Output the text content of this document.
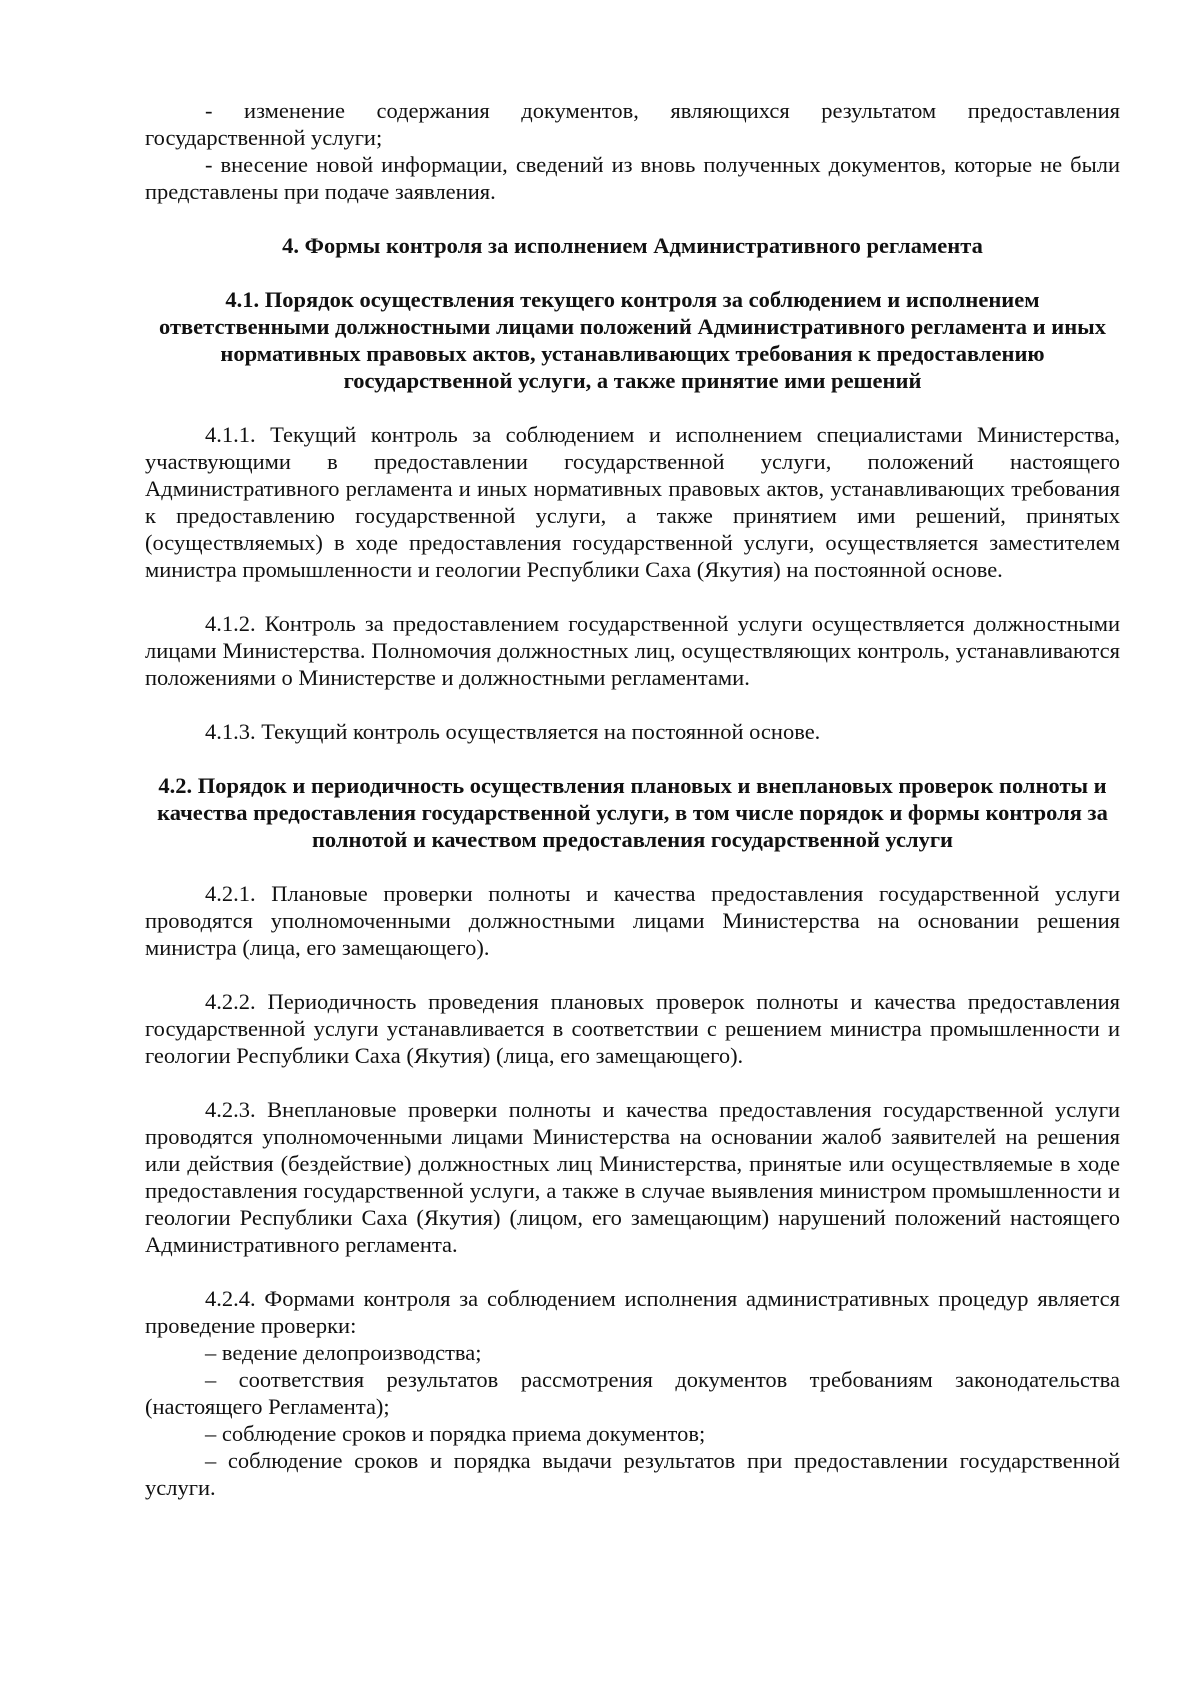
- изменение содержания документов, являющихся результатом предоставления государственной услуги;

- внесение новой информации, сведений из вновь полученных документов, которые не были представлены при подаче заявления.

4. Формы контроля за исполнением Административного регламента

4.1. Порядок осуществления текущего контроля за соблюдением и исполнением ответственными должностными лицами положений Административного регламента и иных нормативных правовых актов, устанавливающих требования к предоставлению государственной услуги, а также принятие ими решений

4.1.1. Текущий контроль за соблюдением и исполнением специалистами Министерства, участвующими в предоставлении государственной услуги, положений настоящего Административного регламента и иных нормативных правовых актов, устанавливающих требования к предоставлению государственной услуги, а также принятием ими решений, принятых (осуществляемых) в ходе предоставления государственной услуги, осуществляется заместителем министра промышленности и геологии Республики Саха (Якутия) на постоянной основе.

4.1.2. Контроль за предоставлением государственной услуги осуществляется должностными лицами Министерства. Полномочия должностных лиц, осуществляющих контроль, устанавливаются положениями о Министерстве и должностными регламентами.

4.1.3. Текущий контроль осуществляется на постоянной основе.

4.2. Порядок и периодичность осуществления плановых и внеплановых проверок полноты и качества предоставления государственной услуги, в том числе порядок и формы контроля за полнотой и качеством предоставления государственной услуги

4.2.1. Плановые проверки полноты и качества предоставления государственной услуги проводятся уполномоченными должностными лицами Министерства на основании решения министра (лица, его замещающего).

4.2.2. Периодичность проведения плановых проверок полноты и качества предоставления государственной услуги устанавливается в соответствии с решением министра промышленности и геологии Республики Саха (Якутия) (лица, его замещающего).

4.2.3. Внеплановые проверки полноты и качества предоставления государственной услуги проводятся уполномоченными лицами Министерства на основании жалоб заявителей на решения или действия (бездействие) должностных лиц Министерства, принятые или осуществляемые в ходе предоставления государственной услуги, а также в случае выявления министром промышленности и геологии Республики Саха (Якутия) (лицом, его замещающим) нарушений положений настоящего Административного регламента.

4.2.4. Формами контроля за соблюдением исполнения административных процедур является проведение проверки:

– ведение делопроизводства;

– соответствия результатов рассмотрения документов требованиям законодательства (настоящего Регламента);

– соблюдение сроков и порядка приема документов;

– соблюдение сроков и порядка выдачи результатов при предоставлении государственной услуги.
